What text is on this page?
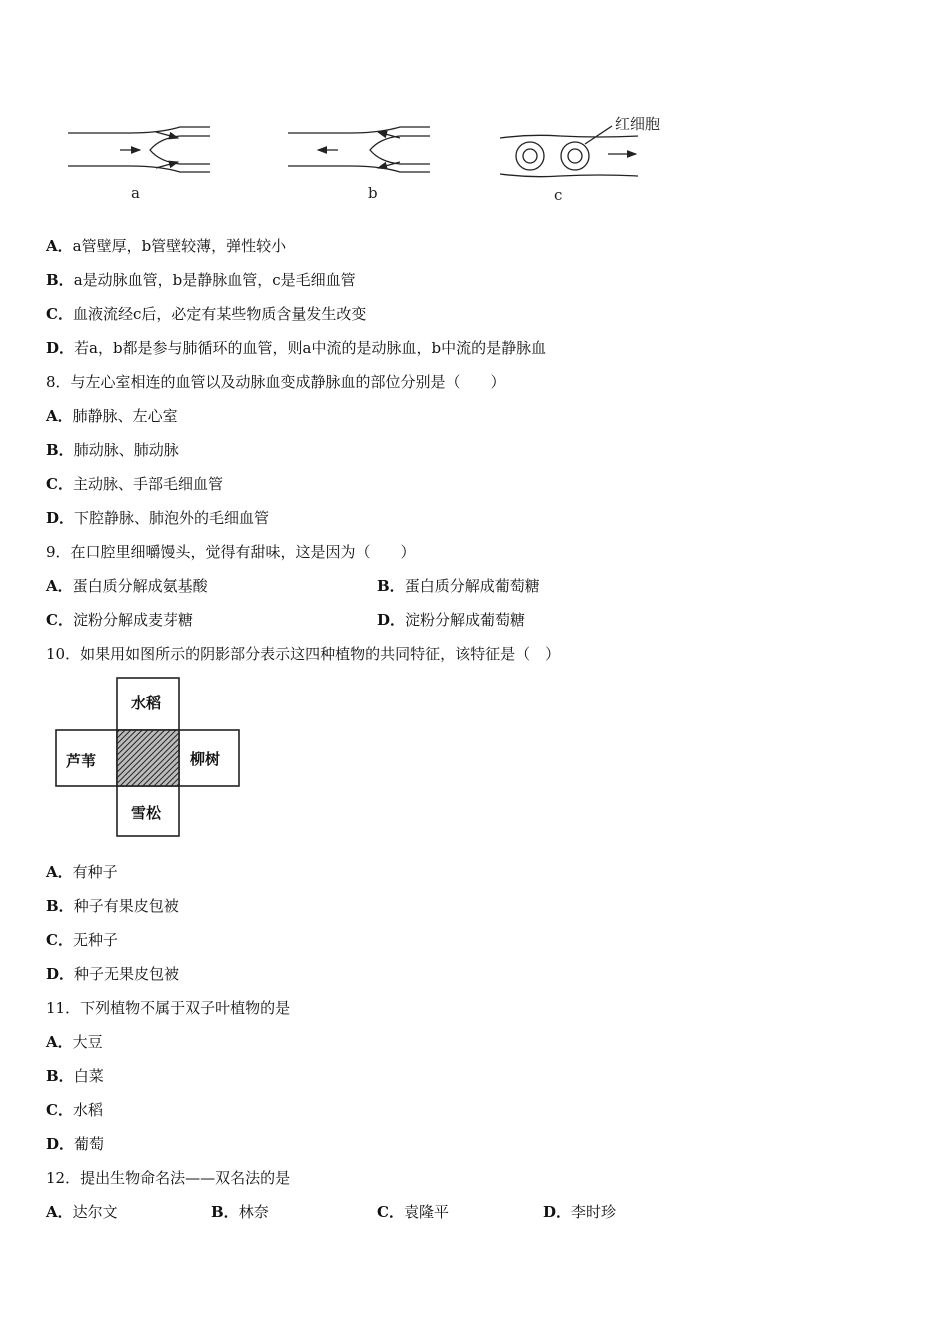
a	b	c
红细胞
A．a管壁厚，b管壁较薄，弹性较小
B．a是动脉血管，b是静脉血管，c是毛细血管
C．血液流经c后，必定有某些物质含量发生改变
D．若a，b都是参与肺循环的血管，则a中流的是动脉血，b中流的是静脉血
8．与左心室相连的血管以及动脉血变成静脉血的部位分别是（　　）
A．肺静脉、左心室
B．肺动脉、肺动脉
C．主动脉、手部毛细血管
D．下腔静脉、肺泡外的毛细血管
9．在口腔里细嚼馒头，觉得有甜味，这是因为（　　）
A．蛋白质分解成氨基酸	B．蛋白质分解成葡萄糖
C．淀粉分解成麦芽糖	D．淀粉分解成葡萄糖
10．如果用如图所示的阴影部分表示这四种植物的共同特征，该特征是（　）
水稻
芦苇	柳树
雪松
A．有种子
B．种子有果皮包被
C．无种子
D．种子无果皮包被
11．下列植物不属于双子叶植物的是
A．大豆
B．白菜
C．水稻
D．葡萄
12．提出生物命名法——双名法的是
A．达尔文	B．林奈	C．袁隆平	D．李时珍
